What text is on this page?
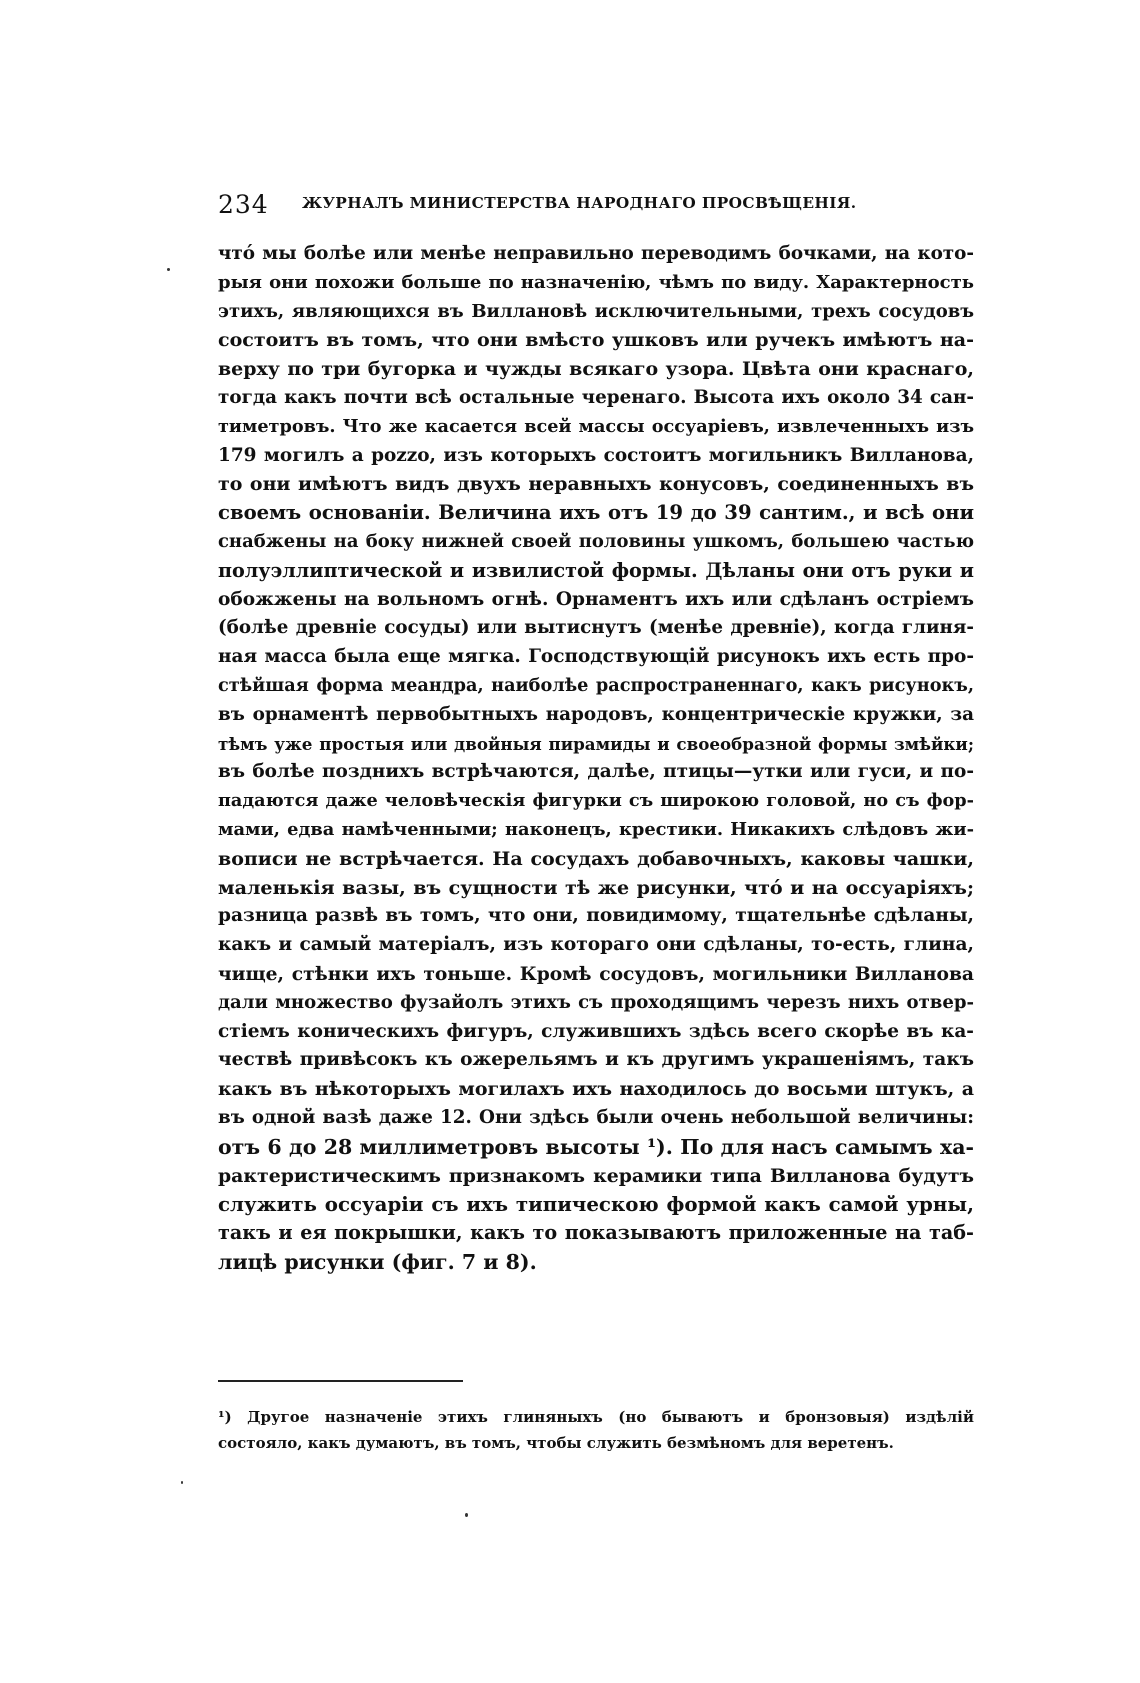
234 ЖУРНАЛЪ МИНИСТЕРСТВА НАРОДНАГО ПРОСВѢЩЕНІЯ.
чтó мы болѣе или менѣе неправильно переводимъ бочками, на кото-
рыя они похожи больше по назначенію, чѣмъ по виду. Характерность
этихъ, являющихся въ Виллановѣ исключительными, трехъ сосудовъ
состоитъ въ томъ, что они вмѣсто ушковъ или ручекъ имѣютъ на-
верху по три бугорка и чужды всякаго узора. Цвѣта они краснаго,
тогда какъ почти всѣ остальные черенаго. Высота ихъ около 34 сан-
тиметровъ. Что же касается всей массы оссуаріевъ, извлеченныхъ изъ
179 могилъ a pozzo, изъ которыхъ состоитъ могильникъ Вилланова,
то они имѣютъ видъ двухъ неравныхъ конусовъ, соединенныхъ въ
своемъ основаніи. Величина ихъ отъ 19 до 39 сантим., и всѣ они
снабжены на боку нижней своей половины ушкомъ, большею частью
полуэллиптической и извилистой формы. Дѣланы они отъ руки и
обожжены на вольномъ огнѣ. Орнаментъ ихъ или сдѣланъ остріемъ
(болѣе древніе сосуды) или вытиснутъ (менѣе древніе), когда глиня-
ная масса была еще мягка. Господствующій рисунокъ ихъ есть про-
стѣйшая форма меандра, наиболѣе распространеннаго, какъ рисунокъ,
въ орнаментѣ первобытныхъ народовъ, концентрическіе кружки, за
тѣмъ уже простыя или двойныя пирамиды и своеобразной формы змѣйки;
въ болѣе позднихъ встрѣчаются, далѣе, птицы—утки или гуси, и по-
падаются даже человѣческія фигурки съ широкою головой, но съ фор-
мами, едва намѣченными; наконецъ, крестики. Никакихъ слѣдовъ жи-
вописи не встрѣчается. На сосудахъ добавочныхъ, каковы чашки,
маленькія вазы, въ сущности тѣ же рисунки, чтó и на оссуаріяхъ;
разница развѣ въ томъ, что они, повидимому, тщательнѣе сдѣланы,
какъ и самый матеріалъ, изъ котораго они сдѣланы, то-есть, глина,
чище, стѣнки ихъ тоньше. Кромѣ сосудовъ, могильники Вилланова
дали множество фузайолъ этихъ съ проходящимъ черезъ нихъ отвер-
стіемъ коническихъ фигуръ, служившихъ здѣсь всего скорѣе въ ка-
чествѣ привѣсокъ къ ожерельямъ и къ другимъ украшеніямъ, такъ
какъ въ нѣкоторыхъ могилахъ ихъ находилось до восьми штукъ, а
въ одной вазѣ даже 12. Они здѣсь были очень небольшой величины:
отъ 6 до 28 миллиметровъ высоты ¹). По для насъ самымъ ха-
рактеристическимъ признакомъ керамики типа Вилланова будутъ
служить оссуаріи съ ихъ типическою формой какъ самой урны,
такъ и ея покрышки, какъ то показываютъ приложенные на таб-
лицѣ рисунки (фиг. 7 и 8).
¹) Другое назначеніе этихъ глиняныхъ (но бываютъ и бронзовыя) издѣлій
состояло, какъ думаютъ, въ томъ, чтобы служить безмѣномъ для веретенъ.
